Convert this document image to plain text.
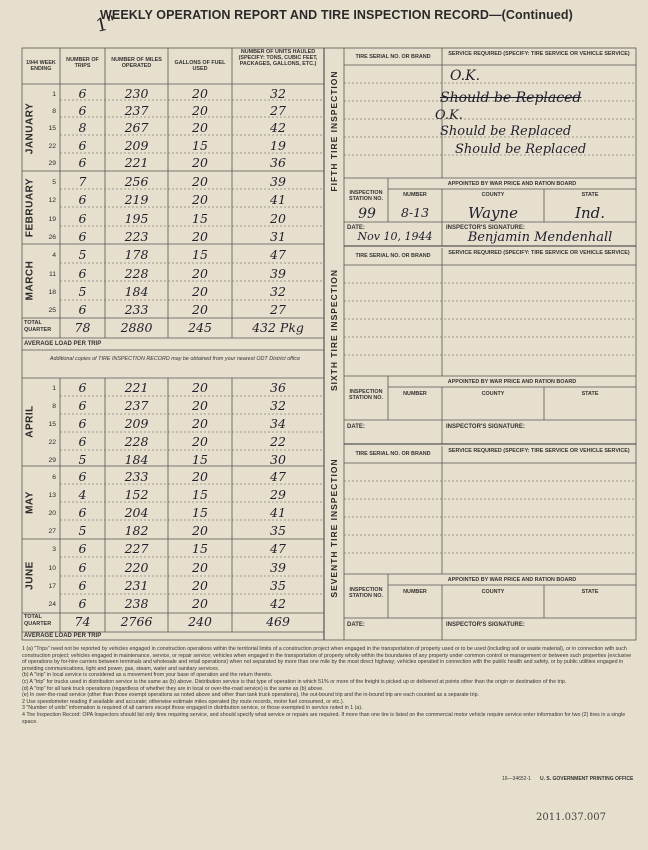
WEEKLY OPERATION REPORT AND TIRE INSPECTION RECORD—(Continued)
1"
1944 WEEK ENDING
NUMBER OF TRIPS
NUMBER OF MILES OPERATED
GALLONS OF FUEL USED
NUMBER OF UNITS HAULED (SPECIFY: TONS, CUBIC FEET, PACKAGES, GALLONS, ETC.)
1	6	230	20	32
8	6	237	20	27
15	8	267	20	42
22	6	209	15	19
29	6	221	20	36
5	7	256	20	39
12	6	219	20	41
19	6	195	15	20
26	6	223	20	31
4	5	178	15	47
11	6	228	20	39
18	5	184	20	32
25	6	233	20	27
JANUARY
FEBRUARY
MARCH
TOTAL QUARTER	78	2880	245	432 Pkg
AVERAGE LOAD PER TRIP
Additional copies of TIRE INSPECTION RECORD may be obtained from your nearest ODT District office
1	6	221	20	36
8	6	237	20	32
15	6	209	20	34
22	6	228	20	22
29	5	184	15	30
6	6	233	20	47
13	4	152	15	29
20	6	204	15	41
27	5	182	20	35
3	6	227	15	47
10	6	220	20	39
17	6	231	20	35
24	6	238	20	42
APRIL
MAY
JUNE
TOTAL QUARTER	74	2766	240	469
AVERAGE LOAD PER TRIP
FIFTH TIRE INSPECTION
TIRE SERIAL NO. OR BRAND	SERVICE REQUIRED (SPECIFY: TIRE SERVICE OR VEHICLE SERVICE)
O.K.
Should be Replaced
O.K.
Should be Replaced
Should be Replaced
APPOINTED BY WAR PRICE AND RATION BOARD
INSPECTION STATION NO.
NUMBER	COUNTY	STATE
99	8-13	Wayne	Ind.
DATE:
Nov 10, 1944
INSPECTOR'S SIGNATURE:
Benjamin Mendenhall
SIXTH TIRE INSPECTION
TIRE SERIAL NO. OR BRAND	SERVICE REQUIRED (SPECIFY: TIRE SERVICE OR VEHICLE SERVICE)
APPOINTED BY WAR PRICE AND RATION BOARD
INSPECTION STATION NO.
NUMBER	COUNTY	STATE
DATE:	INSPECTOR'S SIGNATURE:
SEVENTH TIRE INSPECTION
TIRE SERIAL NO. OR BRAND	SERVICE REQUIRED (SPECIFY: TIRE SERVICE OR VEHICLE SERVICE)
APPOINTED BY WAR PRICE AND RATION BOARD
INSPECTION STATION NO.
NUMBER	COUNTY	STATE
DATE:	INSPECTOR'S SIGNATURE:
1 (a) "Trips" need not be reported by vehicles engaged in construction operations within the territorial limits of a construction project when engaged in the transportation of property used or to be used (including soil or waste material), or in connection with such construction project; vehicles engaged in maintenance, service, or repair service; vehicles when engaged in the transportation of property wholly within the boundaries of any property under common control or management or between such properties (exclusive of operations by for-hire carriers between terminals and wholesale and retail operations) when not separated by more than one mile by the most direct highway; vehicles operated in connection with the public health and safety, or by public utilities engaged in providing communications, light and power, gas, steam, water and sanitary services.
(b) A "trip" in local service is considered as a movement from your base of operation and the return thereto.
(c) A "trip" for trucks used in distribution service is the same as (b) above. Distribution service is that type of operation in which 51% or more of the freight is picked up or delivered at points other than the origin or destination of the trip.
(d) A "trip" for all tank truck operations (regardless of whether they are in local or over-the-road service) is the same as (b) above.
(e) In over-the-road service (other than those exempt operations as noted above and other than tank truck operations), the out-bound trip and the in-bound trip are each counted as a separate trip.
2 Use speedometer reading if available and accurate; otherwise estimate miles operated (by route records, motor fuel consumed, or etc.).
3 "Number of units" information is required of all carriers except those engaged in distribution service, or those exempted in service noted in 1 (a).
4 Tire Inspection Record: OPA Inspectors should list only tires requiring service, and should specify what service or repairs are required. If more than one tire is listed on the commercial motor vehicle require service enter information for two (2) tires in a single space.
16—34652-1 U. S. GOVERNMENT PRINTING OFFICE
2011.037.007
